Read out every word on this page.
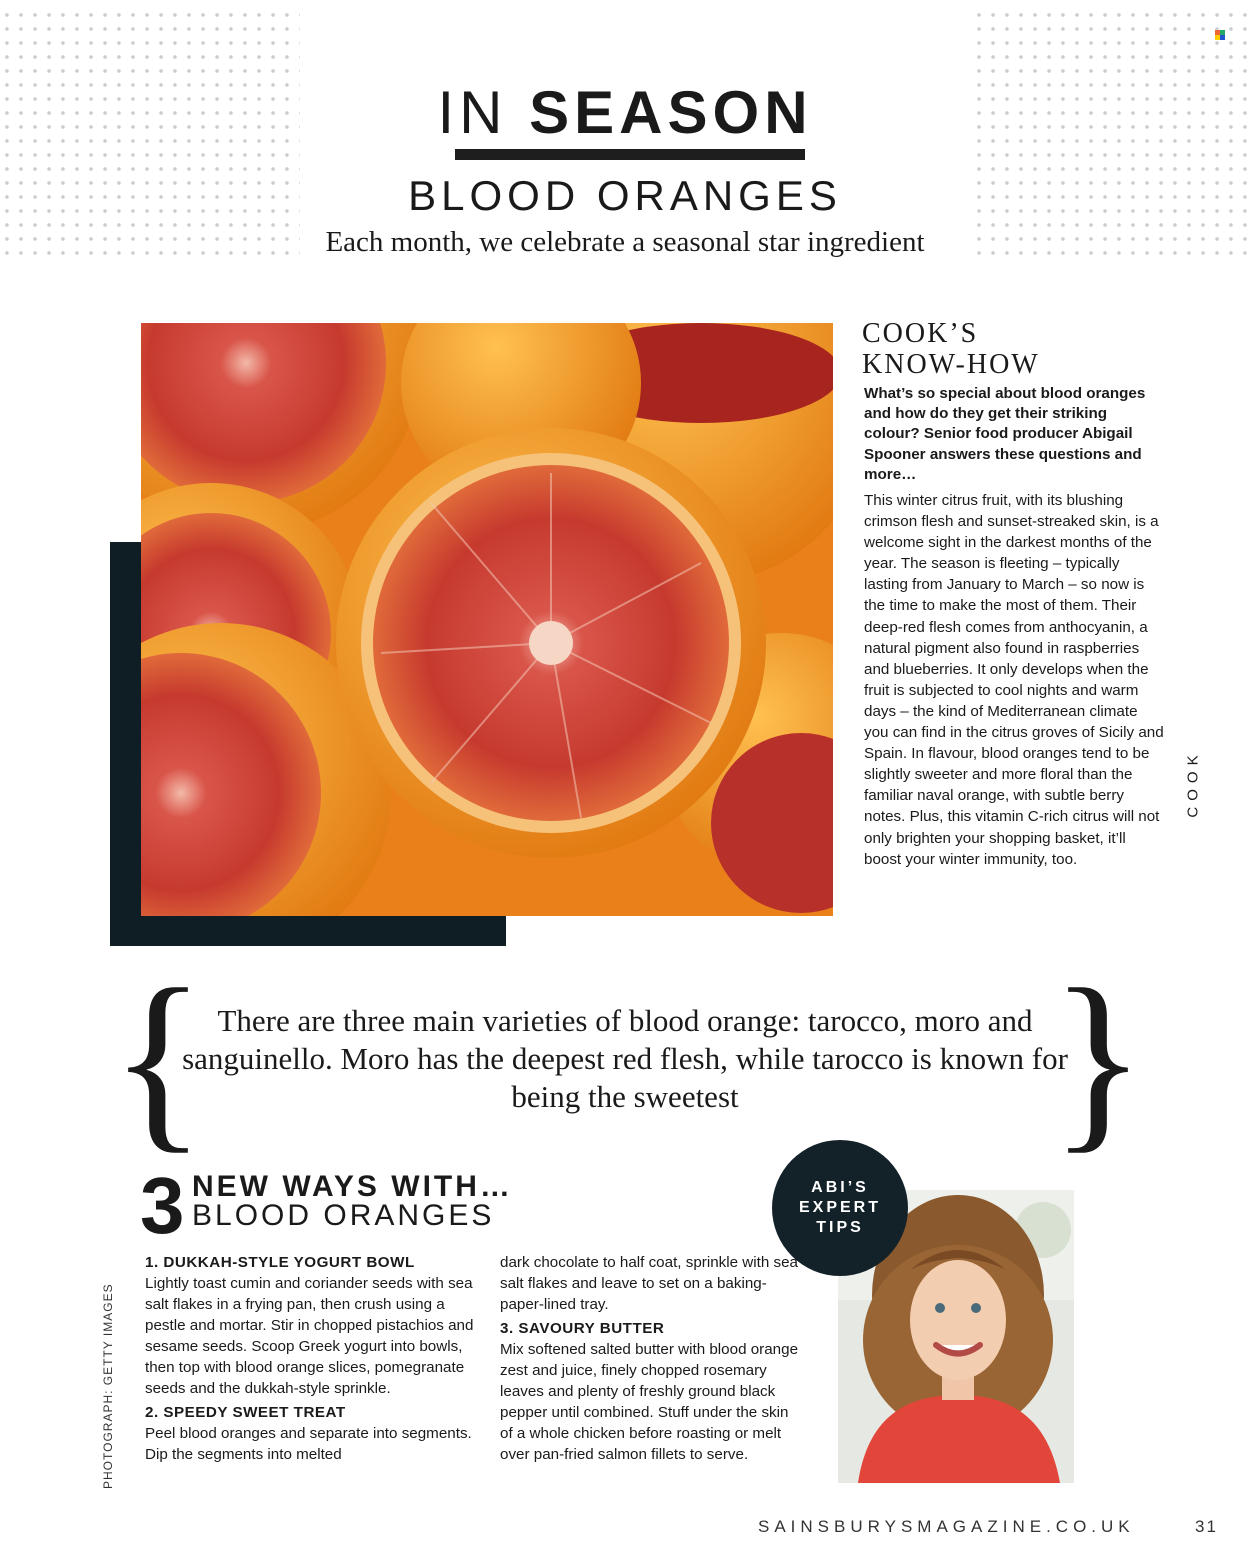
IN SEASON
BLOOD ORANGES
Each month, we celebrate a seasonal star ingredient
COOK’S
KNOW-HOW
What’s so special about blood oranges and how do they get their striking colour? Senior food producer Abigail Spooner answers these questions and more…
This winter citrus fruit, with its blushing crimson flesh and sunset-streaked skin, is a welcome sight in the darkest months of the year. The season is fleeting – typically lasting from January to March – so now is the time to make the most of them. Their deep-red flesh comes from anthocyanin, a natural pigment also found in raspberries and blueberries. It only develops when the fruit is subjected to cool nights and warm days – the kind of Mediterranean climate you can find in the citrus groves of Sicily and Spain. In flavour, blood oranges tend to be slightly sweeter and more floral than the familiar naval orange, with subtle berry notes. Plus, this vitamin C-rich citrus will not only brighten your shopping basket, it’ll boost your winter immunity, too.
COOK
{ There are three main varieties of blood orange: tarocco, moro and sanguinello. Moro has the deepest red flesh, while tarocco is known for being the sweetest	}
3 NEW WAYS WITH…
BLOOD ORANGES
1. DUKKAH-STYLE YOGURT BOWL

Lightly toast cumin and coriander seeds with sea salt flakes in a frying pan, then crush using a pestle and mortar. Stir in chopped pistachios and sesame seeds. Scoop Greek yogurt into bowls, then top with blood orange slices, pomegranate seeds and the dukkah-style sprinkle.

2. SPEEDY SWEET TREAT

Peel blood oranges and separate into segments. Dip the segments into melted

dark chocolate to half coat, sprinkle with sea salt flakes and leave to set on a baking-paper-lined tray.

3. SAVOURY BUTTER

Mix softened salted butter with blood orange zest and juice, finely chopped rosemary leaves and plenty of freshly ground black pepper until combined. Stuff under the skin of a whole chicken before roasting or melt over pan-fried salmon fillets to serve.

PHOTOGRAPH: GETTY IMAGES
ABI’S
EXPERT
TIPS
SAINSBURYSMAGAZINE.CO.UK	31
